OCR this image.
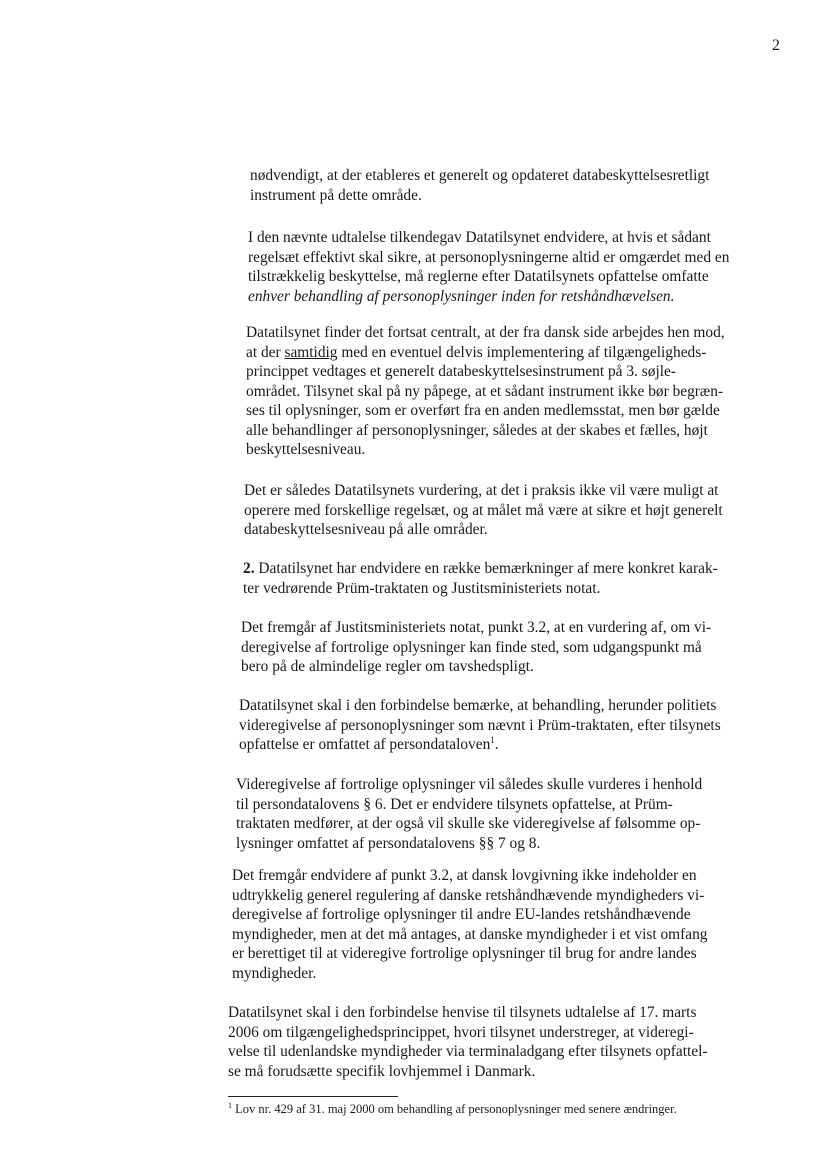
2
nødvendigt, at der etableres et generelt og opdateret databeskyttelsesretligt
instrument på dette område.
I den nævnte udtalelse tilkendegav Datatilsynet endvidere, at hvis et sådant
regelsæt effektivt skal sikre, at personoplysningerne altid er omgærdet med en
tilstrækkelig beskyttelse, må reglerne efter Datatilsynets opfattelse omfatte
enhver behandling af personoplysninger inden for retshåndhævelsen.
Datatilsynet finder det fortsat centralt, at der fra dansk side arbejdes hen mod,
at der samtidig med en eventuel delvis implementering af tilgængeligheds-
princippet vedtages et generelt databeskyttelsesinstrument på 3. søjle-
området. Tilsynet skal på ny påpege, at et sådant instrument ikke bør begræn-
ses til oplysninger, som er overført fra en anden medlemsstat, men bør gælde
alle behandlinger af personoplysninger, således at der skabes et fælles, højt
beskyttelsesniveau.
Det er således Datatilsynets vurdering, at det i praksis ikke vil være muligt at
operere med forskellige regelsæt, og at målet må være at sikre et højt generelt
databeskyttelsesniveau på alle områder.
2. Datatilsynet har endvidere en række bemærkninger af mere konkret karak-
ter vedrørende Prüm-traktaten og Justitsministeriets notat.
Det fremgår af Justitsministeriets notat, punkt 3.2, at en vurdering af, om vi-
deregivelse af fortrolige oplysninger kan finde sted, som udgangspunkt må
bero på de almindelige regler om tavshedspligt.
Datatilsynet skal i den forbindelse bemærke, at behandling, herunder politiets
videregivelse af personoplysninger som nævnt i Prüm-traktaten, efter tilsynets
opfattelse er omfattet af persondataloven$^1$.
Videregivelse af fortrolige oplysninger vil således skulle vurderes i henhold
til persondatalovens § 6. Det er endvidere tilsynets opfattelse, at Prüm-
traktaten medfører, at der også vil skulle ske videregivelse af følsomme op-
lysninger omfattet af persondatalovens §§ 7 og 8.
Det fremgår endvidere af punkt 3.2, at dansk lovgivning ikke indeholder en
udtrykkelig generel regulering af danske retshåndhævende myndigheders vi-
deregivelse af fortrolige oplysninger til andre EU-landes retshåndhævende
myndigheder, men at det må antages, at danske myndigheder i et vist omfang
er berettiget til at videregive fortrolige oplysninger til brug for andre landes
myndigheder.
Datatilsynet skal i den forbindelse henvise til tilsynets udtalelse af 17. marts
2006 om tilgængelighedsprincippet, hvori tilsynet understreger, at videregi-
velse til udenlandske myndigheder via terminaladgang efter tilsynets opfattel-
se må forudsætte specifik lovhjemmel i Danmark.
$^1$ Lov nr. 429 af 31. maj 2000 om behandling af personoplysninger med senere ændringer.
